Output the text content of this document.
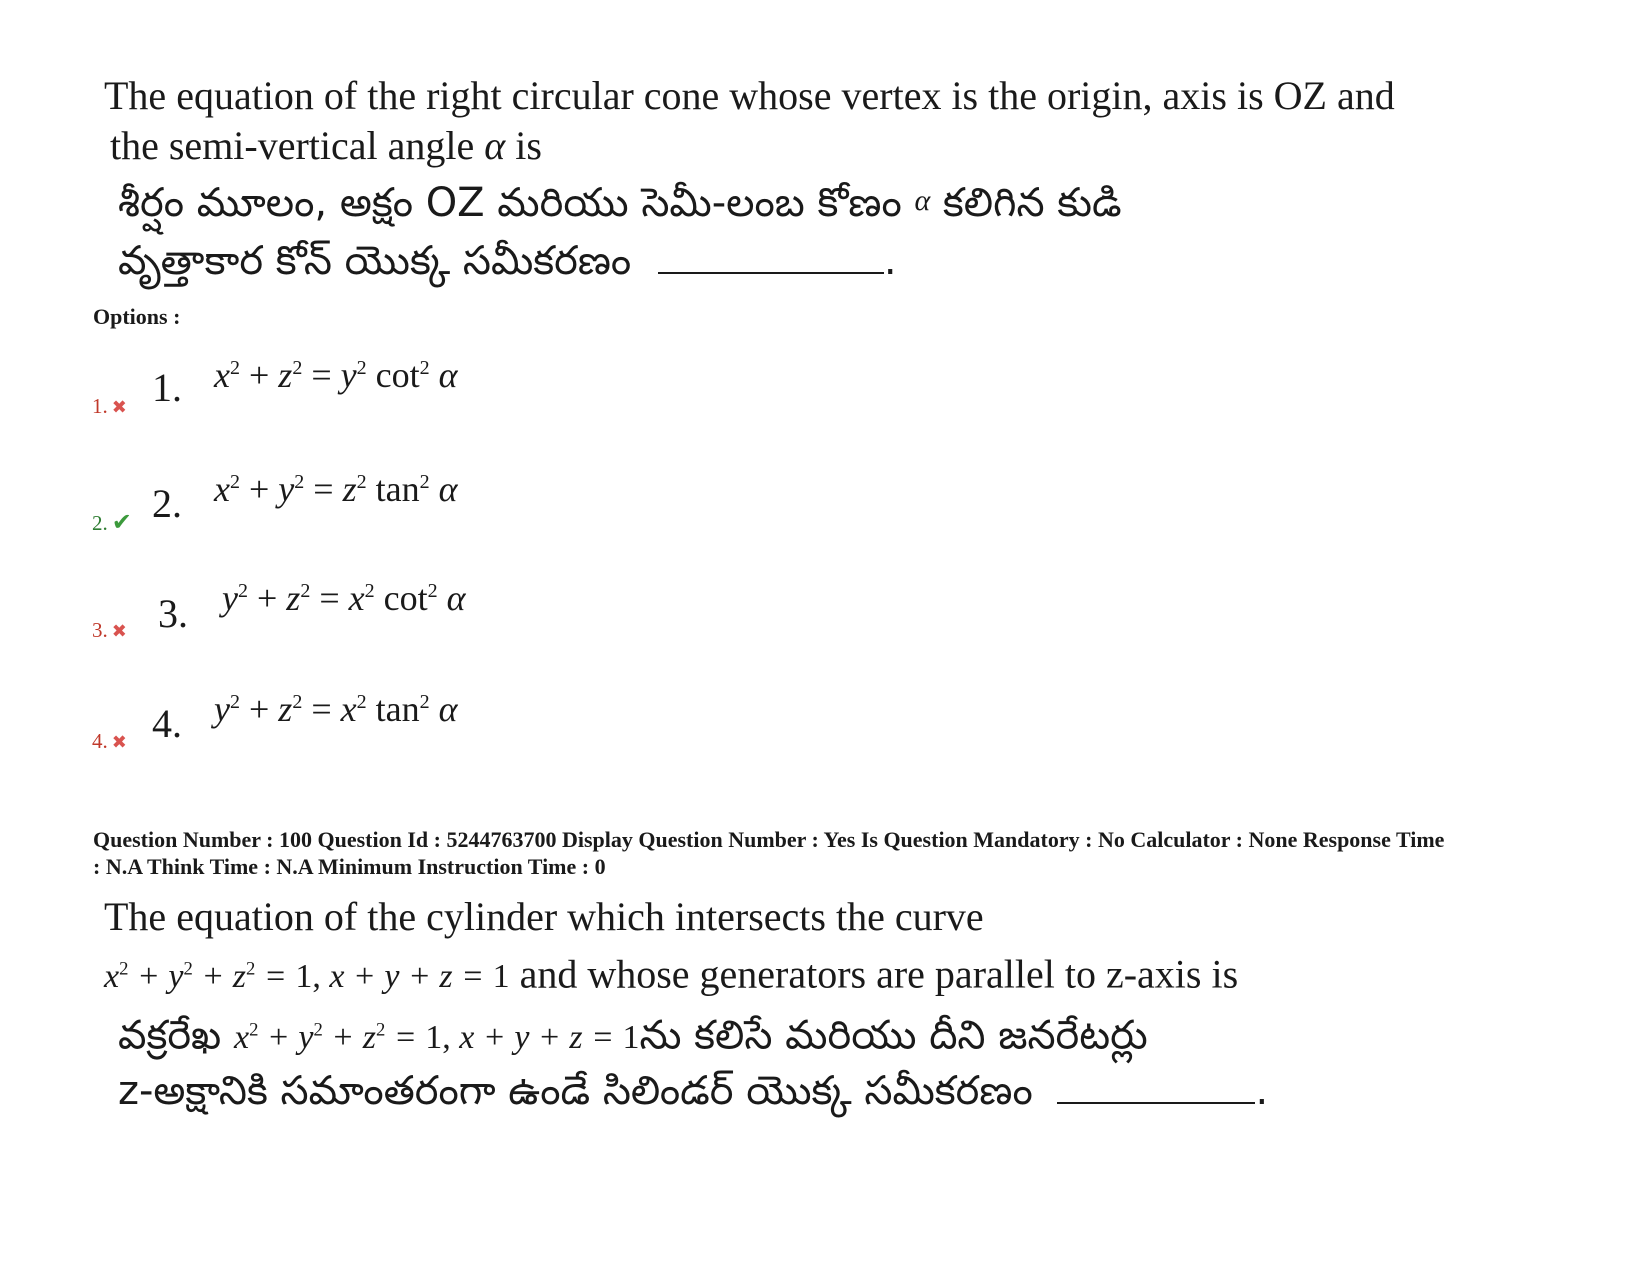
The equation of the right circular cone whose vertex is the origin, axis is OZ and
the semi-vertical angle α is
శీర్షం మూలం, అక్షం OZ మరియు సెమీ-లంబ కోణం α కలిగిన కుడి
వృత్తాకార కోన్ యొక్క సమీకరణం	.
Options :
1. ✖ 1. $x^2 + z^2 = y^2$ $\cot^2 \alpha$
2. ✔ 2. $x^2 + y^2 = z^2$ $\tan^2 \alpha$
3. ✖ 3. $y^2 + z^2 = x^2$ $\cot^2 \alpha$
4. ✖ 4. $y^2 + z^2 = x^2$ $\tan^2 \alpha$
Question Number : 100 Question Id : 5244763700 Display Question Number : Yes Is Question Mandatory : No Calculator : None Response Time
: N.A Think Time : N.A Minimum Instruction Time : 0
The equation of the cylinder which intersects the curve
$x^2 + y^2 + z^2 = 1$, x + y + z = 1 and whose generators are parallel to z-axis is
వక్రరేఖ $x^2 + y^2 + z^2 = 1$, x + y + z = 1ను కలిసే మరియు దీని జనరేటర్లు
z-అక్షానికి సమాంతరంగా ఉండే సిలిండర్ యొక్క సమీకరణం	.
